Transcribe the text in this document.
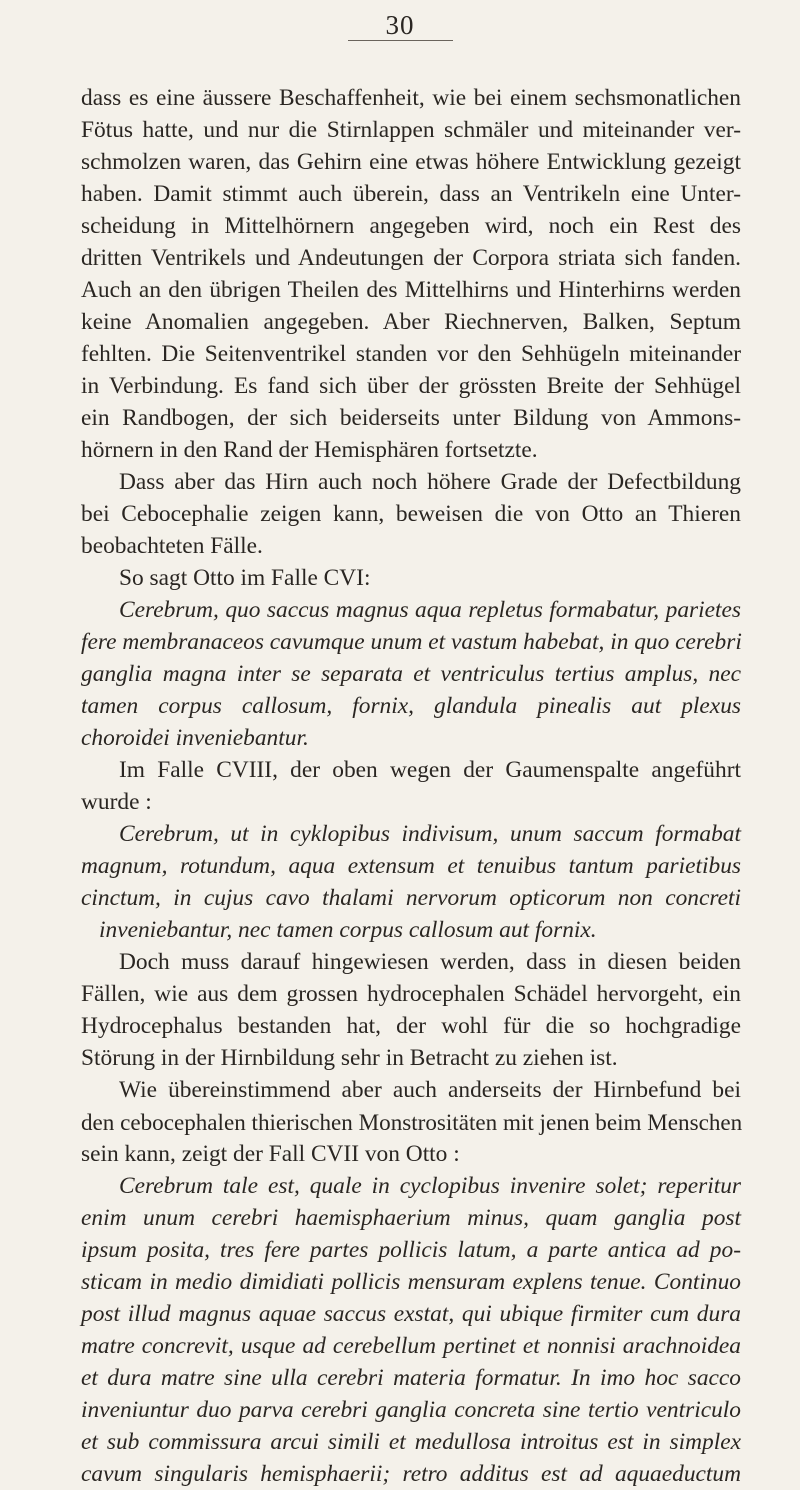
30
dass es eine äussere Beschaffenheit, wie bei einem sechsmonatlichen
Fötus hatte, und nur die Stirnlappen schmäler und miteinander ver-
schmolzen waren, das Gehirn eine etwas höhere Entwicklung gezeigt
haben. Damit stimmt auch überein, dass an Ventrikeln eine Unter-
scheidung in Mittelhörnern angegeben wird, noch ein Rest des
dritten Ventrikels und Andeutungen der Corpora striata sich fanden.
Auch an den übrigen Theilen des Mittelhirns und Hinterhirns werden
keine Anomalien angegeben. Aber Riechnerven, Balken, Septum
fehlten. Die Seitenventrikel standen vor den Sehhügeln miteinander
in Verbindung. Es fand sich über der grössten Breite der Sehhügel
ein Randbogen, der sich beiderseits unter Bildung von Ammons-
hörnern in den Rand der Hemisphären fortsetzte.
Dass aber das Hirn auch noch höhere Grade der Defectbildung
bei Cebocephalie zeigen kann, beweisen die von Otto an Thieren
beobachteten Fälle.
So sagt Otto im Falle CVI:
Cerebrum, quo saccus magnus aqua repletus formabatur, parietes
fere membranaceos cavumque unum et vastum habebat, in quo cerebri
ganglia magna inter se separata et ventriculus tertius amplus, nec
tamen corpus callosum, fornix, glandula pinealis aut plexus
choroidei inveniebantur.
Im Falle CVIII, der oben wegen der Gaumenspalte angeführt
wurde :
Cerebrum, ut in cyklopibus indivisum, unum saccum formabat
magnum, rotundum, aqua extensum et tenuibus tantum parietibus
cinctum, in cujus cavo thalami nervorum opticorum non concreti
inveniebantur, nec tamen corpus callosum aut fornix.
Doch muss darauf hingewiesen werden, dass in diesen beiden
Fällen, wie aus dem grossen hydrocephalen Schädel hervorgeht, ein
Hydrocephalus bestanden hat, der wohl für die so hochgradige
Störung in der Hirnbildung sehr in Betracht zu ziehen ist.
Wie übereinstimmend aber auch anderseits der Hirnbefund bei
den cebocephalen thierischen Monstrositäten mit jenen beim Menschen
sein kann, zeigt der Fall CVII von Otto :
Cerebrum tale est, quale in cyclopibus invenire solet; reperitur
enim unum cerebri haemisphaerium minus, quam ganglia post
ipsum posita, tres fere partes pollicis latum, a parte antica ad po-
sticam in medio dimidiati pollicis mensuram explens tenue. Continuo
post illud magnus aquae saccus exstat, qui ubique firmiter cum dura
matre concrevit, usque ad cerebellum pertinet et nonnisi arachnoidea
et dura matre sine ulla cerebri materia formatur. In imo hoc sacco
inveniuntur duo parva cerebri ganglia concreta sine tertio ventriculo
et sub commissura arcui simili et medullosa introitus est in simplex
cavum singularis hemisphaerii; retro additus est ad aquaeductum
